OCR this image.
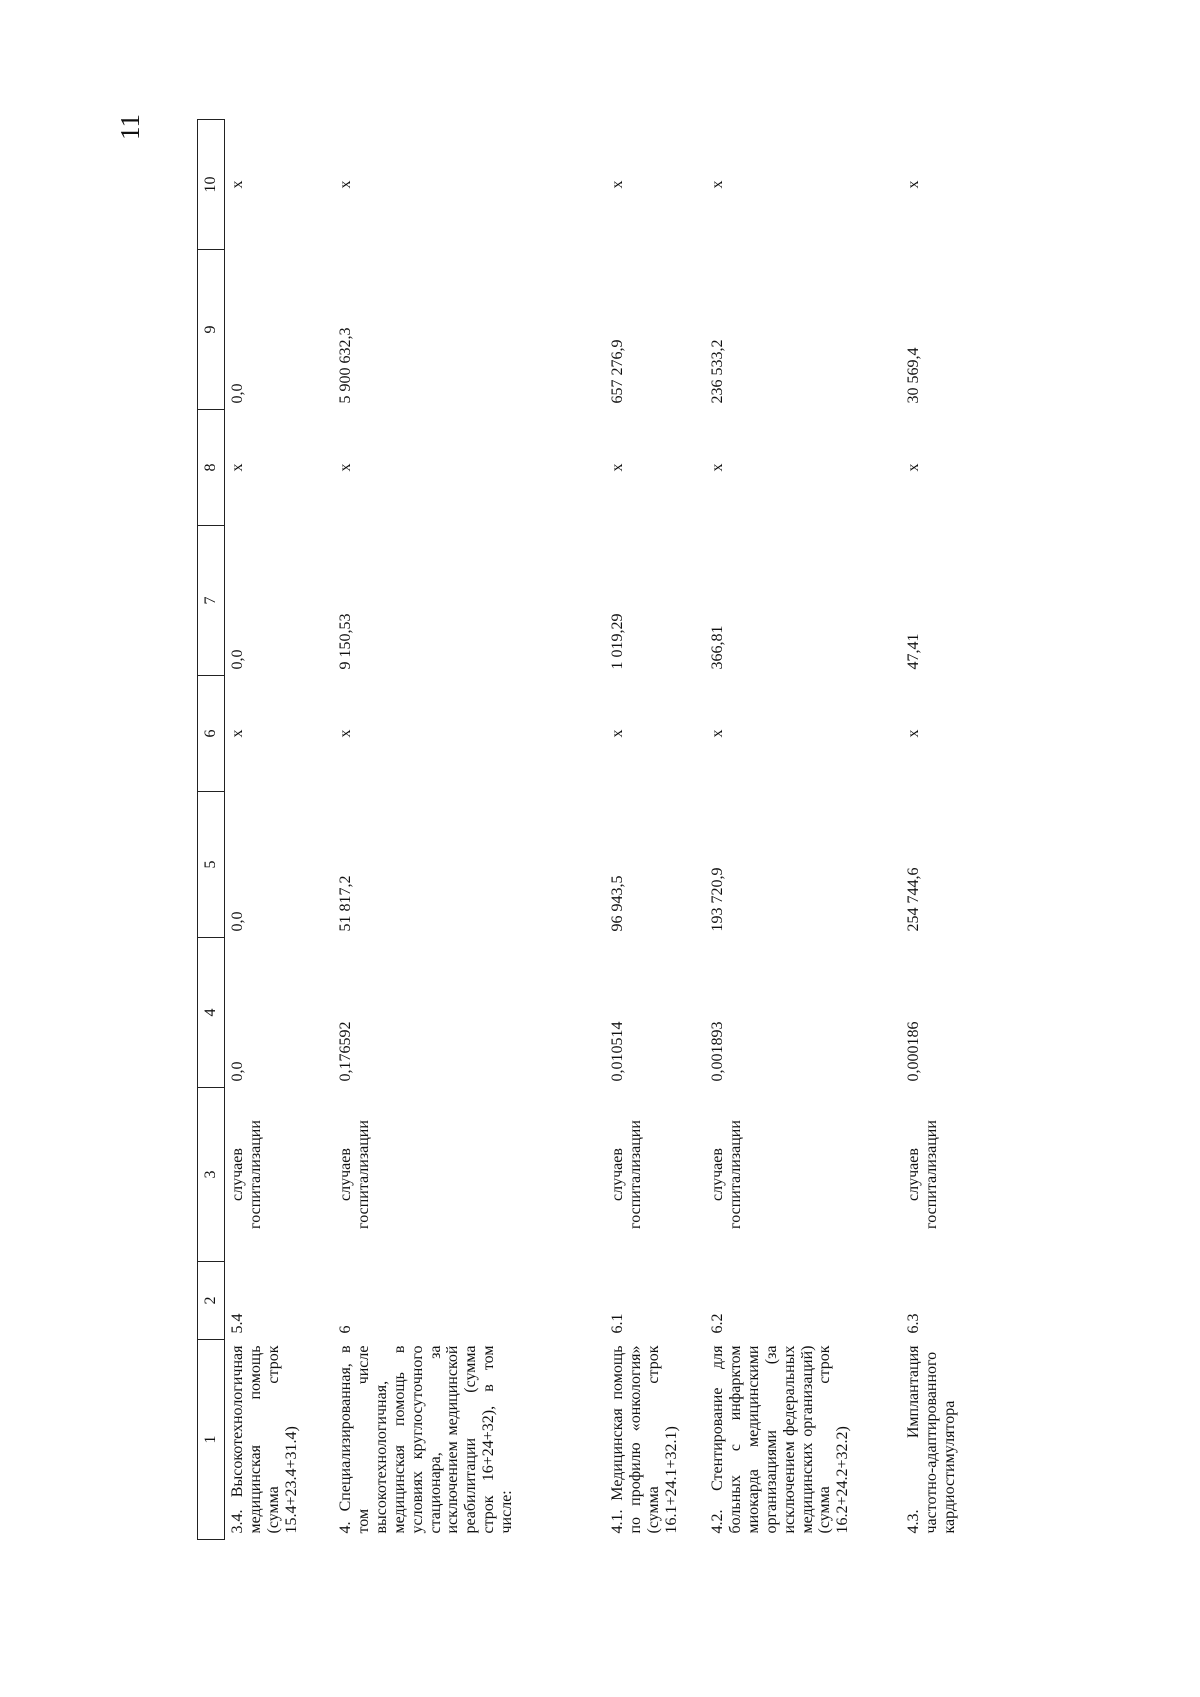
11
1	2	3	4	5	6	7	8	9	10
3.4. Высокотехнологичная медицинская помощь (сумма строк 15.4+23.4+31.4)	5.4	случаев госпитализации	0,0	0,0	x	0,0	x	0,0	x
4. Специализированная, в том числе высокотехнологичная, медицинская помощь в условиях круглосуточного стационара, за исключением медицинской реабилитации (сумма строк 16+24+32), в том числе:	6	случаев госпитализации	0,176592	51 817,2	x	9 150,53	x	5 900 632,3	x
4.1. Медицинская помощь по профилю «онкология» (сумма строк 16.1+24.1+32.1)	6.1	случаев госпитализации	0,010514	96 943,5	x	1 019,29	x	657 276,9	x
4.2. Стентирование для больных с инфарктом миокарда медицинскими организациями (за исключением федеральных медицинских организаций) (сумма строк 16.2+24.2+32.2)	6.2	случаев госпитализации	0,001893	193 720,9	x	366,81	x	236 533,2	x
4.3. Имплантация частотно-адаптированного кардиостимулятора	6.3	случаев госпитализации	0,000186	254 744,6	x	47,41	x	30 569,4	x
